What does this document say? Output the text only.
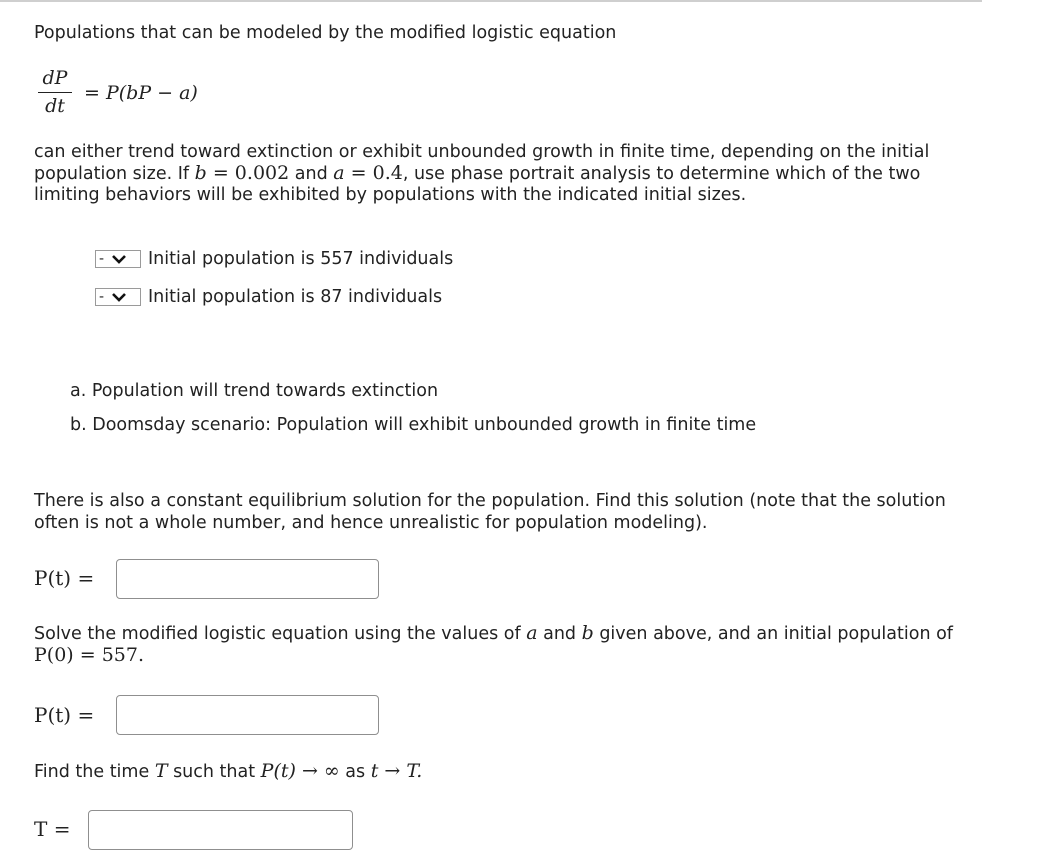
Populations that can be modeled by the modified logistic equation

dP
dt
= P(bP − a)

can either trend toward extinction or exhibit unbounded growth in finite time, depending on the initial

population size. If b = 0.002 and a = 0.4, use phase portrait analysis to determine which of the two

limiting behaviors will be exhibited by populations with the indicated initial sizes.

-	Initial population is 557 individuals
-	Initial population is 87 individuals

a. Population will trend towards extinction

b. Doomsday scenario: Population will exhibit unbounded growth in finite time

There is also a constant equilibrium solution for the population. Find this solution (note that the solution

often is not a whole number, and hence unrealistic for population modeling).

P(t) =

Solve the modified logistic equation using the values of a and b given above, and an initial population of

P(0) = 557.

P(t) =

Find the time T such that P(t) → ∞ as t → T.

T =
